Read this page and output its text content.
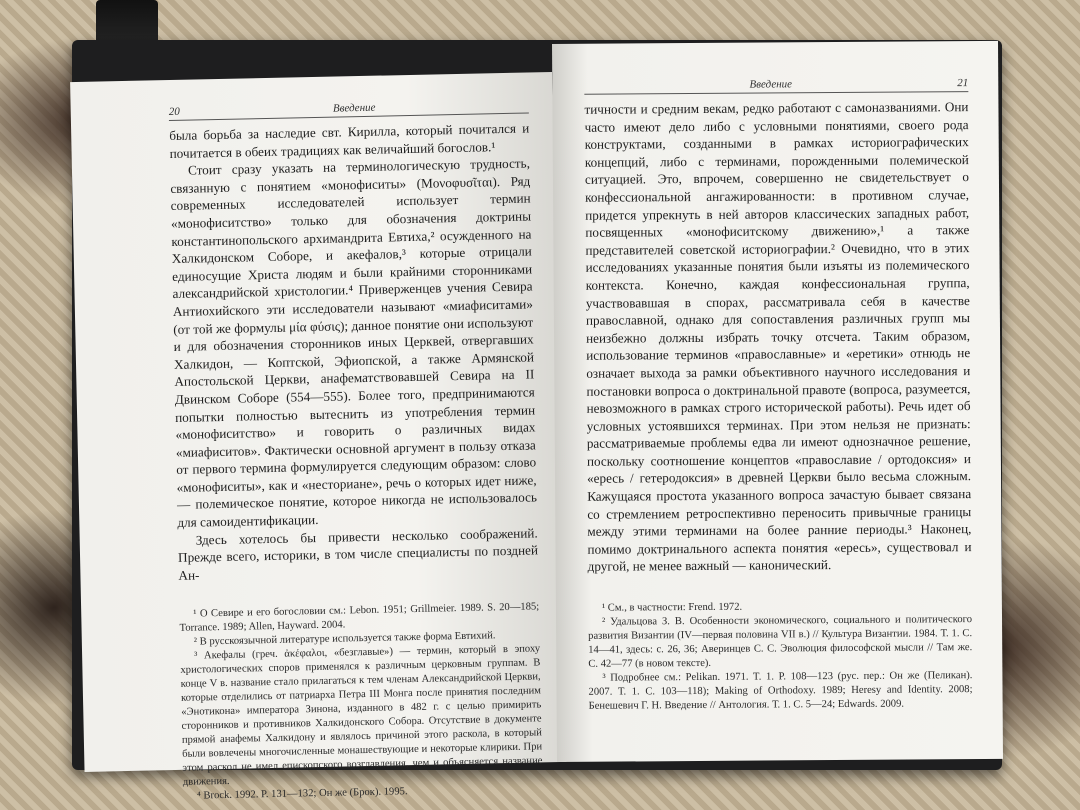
20	Введение

была борьба за наследие свт. Кирилла, который почитался и почитается в обеих традициях как величайший богослов.¹

Стоит сразу указать на терминологическую трудность, связанную с понятием «монофиситы» (Μονοφυσῖται). Ряд современных исследователей использует термин «монофиситство» только для обозначения доктрины константинопольского архимандрита Евтиха,² осужденного на Халкидонском Соборе, и акефалов,³ которые отрицали единосущие Христа людям и были крайними сторонниками александрийской христологии.⁴ Приверженцев учения Севира Антиохийского эти исследователи называют «миафиситами» (от той же формулы μία φύσις); данное понятие они используют и для обозначения сторонников иных Церквей, отвергавших Халкидон, — Коптской, Эфиопской, а также Армянской Апостольской Церкви, анафематствовавшей Севира на II Двинском Соборе (554—555). Более того, предпринимаются попытки полностью вытеснить из употребления термин «монофиситство» и говорить о различных видах «миафиситов». Фактически основной аргумент в пользу отказа от первого термина формулируется следующим образом: слово «монофиситы», как и «несториане», речь о которых идет ниже, — полемическое понятие, которое никогда не использовалось для самоидентификации.

Здесь хотелось бы привести несколько соображений. Прежде всего, историки, в том числе специалисты по поздней Ан-

¹ О Севире и его богословии см.: Lebon. 1951; Grillmeier. 1989. S. 20—185; Torrance. 1989; Allen, Hayward. 2004.

² В русскоязычной литературе используется также форма Евтихий.

³ Акефалы (греч. ἀκέφαλοι, «безглавые») — термин, который в эпоху христологических споров применялся к различным церковным группам. В конце V в. название стало прилагаться к тем членам Александрийской Церкви, которые отделились от патриарха Петра III Монга после принятия последним «Энотикона» императора Зинона, изданного в 482 г. с целью примирить сторонников и противников Халкидонского Собора. Отсутствие в документе прямой анафемы Халкидону и являлось причиной этого раскола, в который были вовлечены многочисленные монашествующие и некоторые клирики. При этом раскол не имел епископского возглавления, чем и объясняется название движения.

⁴ Brock. 1992. P. 131—132; Он же (Брок). 1995.

Введение	21

тичности и средним векам, редко работают с самоназваниями. Они часто имеют дело либо с условными понятиями, своего рода конструктами, созданными в рамках историографических концепций, либо с терминами, порожденными полемической ситуацией. Это, впрочем, совершенно не свидетельствует о конфессиональной ангажированности: в противном случае, придется упрекнуть в ней авторов классических западных работ, посвященных «монофиситскому движению»,¹ а также представителей советской историографии.² Очевидно, что в этих исследованиях указанные понятия были изъяты из полемического контекста. Конечно, каждая конфессиональная группа, участвовавшая в спорах, рассматривала себя в качестве православной, однако для сопоставления различных групп мы неизбежно должны избрать точку отсчета. Таким образом, использование терминов «православные» и «еретики» отнюдь не означает выхода за рамки объективного научного исследования и постановки вопроса о доктринальной правоте (вопроса, разумеется, невозможного в рамках строго исторической работы). Речь идет об условных устоявшихся терминах. При этом нельзя не признать: рассматриваемые проблемы едва ли имеют однозначное решение, поскольку соотношение концептов «православие / ортодоксия» и «ересь / гетеродоксия» в древней Церкви было весьма сложным. Кажущаяся простота указанного вопроса зачастую бывает связана со стремлением ретроспективно переносить привычные границы между этими терминами на более ранние периоды.³ Наконец, помимо доктринального аспекта понятия «ересь», существовал и другой, не менее важный — канонический.

¹ См., в частности: Frend. 1972.

² Удальцова З. В. Особенности экономического, социального и политического развития Византии (IV—первая половина VII в.) // Культура Византии. 1984. Т. 1. С. 14—41, здесь: с. 26, 36; Аверинцев С. С. Эволюция философской мысли // Там же. С. 42—77 (в новом тексте).

³ Подробнее см.: Pelikan. 1971. T. 1. P. 108—123 (рус. пер.: Он же (Пеликан). 2007. Т. 1. С. 103—118); Making of Orthodoxy. 1989; Heresy and Identity. 2008; Бенешевич Г. Н. Введение // Антология. Т. 1. С. 5—24; Edwards. 2009.
